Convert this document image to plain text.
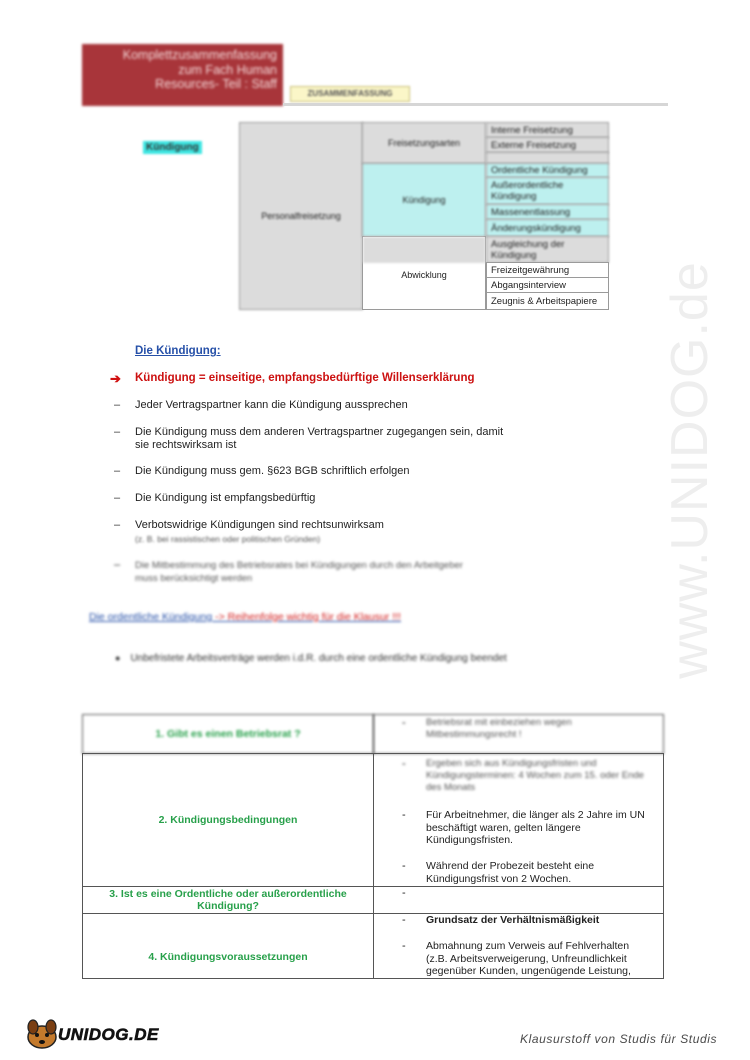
www.UNIDOG.de
Komplettzusammenfassung
zum Fach Human
Resources- Teil : Staff
ZUSAMMENFASSUNG
Kündigung
Personalfreisetzung
Freisetzungsarten
Kündigung
Abwicklung
Interne Freisetzung
Externe Freisetzung
Ordentliche Kündigung
Außerordentliche Kündigung
Massenentlassung
Änderungskündigung
Ausgleichung der Kündigung
Freizeitgewährung
Abgangsinterview
Zeugnis & Arbeitspapiere
Die Kündigung:
➔ Kündigung = einseitige, empfangsbedürftige Willenserklärung
– Jeder Vertragspartner kann die Kündigung aussprechen
– Die Kündigung muss dem anderen Vertragspartner zugegangen sein, damit sie rechtswirksam ist
– Die Kündigung muss gem. §623 BGB schriftlich erfolgen
– Die Kündigung ist empfangsbedürftig
– Verbotswidrige Kündigungen sind rechtsunwirksam
(z. B. bei rassistischen oder politischen Gründen)
– Die Mitbestimmung des Betriebsrates bei Kündigungen durch den Arbeitgeber muss berücksichtigt werden
Die ordentliche Kündigung -> Reihenfolge wichtig für die Klausur !!!
● Unbefristete Arbeitsverträge werden i.d.R. durch eine ordentliche Kündigung beendet
1. Gibt es einen Betriebsrat ?
- Betriebsrat mit einbeziehen wegen Mitbestimmungsrecht !
2. Kündigungsbedingungen
- Ergeben sich aus Kündigungsfristen und Kündigungsterminen: 4 Wochen zum 15. oder Ende des Monats
- Für Arbeitnehmer, die länger als 2 Jahre im UN beschäftigt waren, gelten längere Kündigungsfristen.
- Während der Probezeit besteht eine Kündigungsfrist von 2 Wochen.
3. Ist es eine Ordentliche oder außerordentliche Kündigung?
-
4. Kündigungsvoraussetzungen
- Grundsatz der Verhältnismäßigkeit
- Abmahnung zum Verweis auf Fehlverhalten (z.B. Arbeitsverweigerung, Unfreundlichkeit gegenüber Kunden, ungenügende Leistung,
UNIDOG.DE	Klausurstoff von Studis für Studis
